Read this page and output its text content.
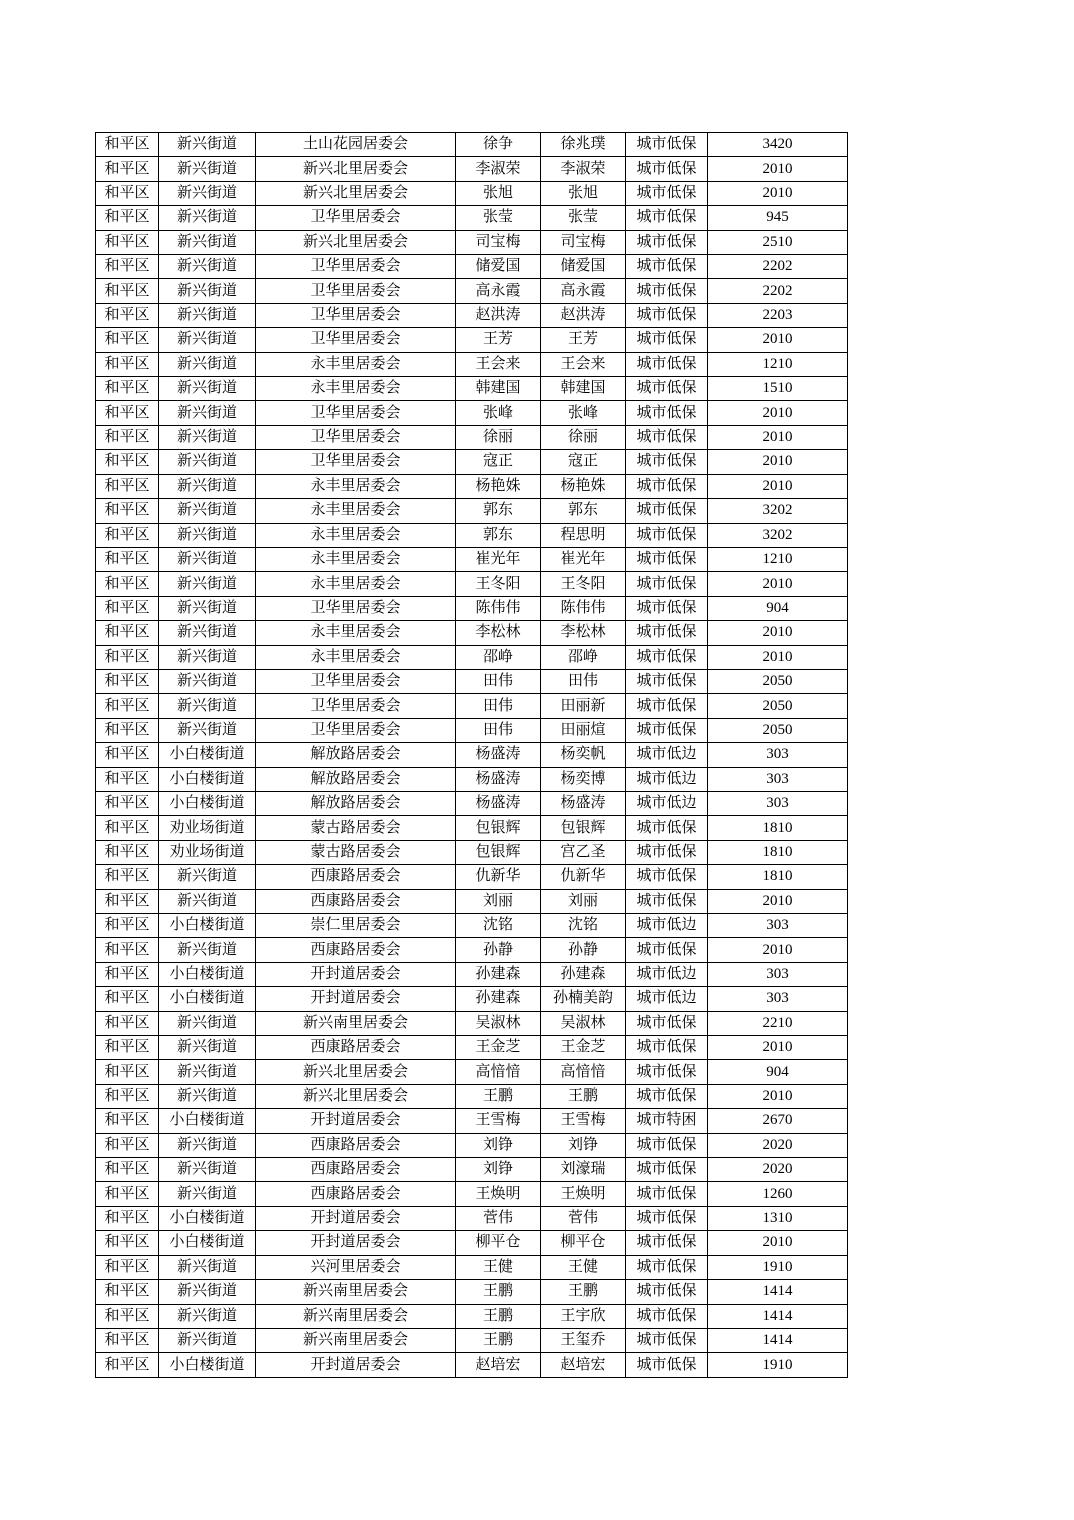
和平区	新兴街道	土山花园居委会	徐争	徐兆璞	城市低保	3420
和平区	新兴街道	新兴北里居委会	李淑荣	李淑荣	城市低保	2010
和平区	新兴街道	新兴北里居委会	张旭	张旭	城市低保	2010
和平区	新兴街道	卫华里居委会	张莹	张莹	城市低保	945
和平区	新兴街道	新兴北里居委会	司宝梅	司宝梅	城市低保	2510
和平区	新兴街道	卫华里居委会	储爱国	储爱国	城市低保	2202
和平区	新兴街道	卫华里居委会	高永霞	高永霞	城市低保	2202
和平区	新兴街道	卫华里居委会	赵洪涛	赵洪涛	城市低保	2203
和平区	新兴街道	卫华里居委会	王芳	王芳	城市低保	2010
和平区	新兴街道	永丰里居委会	王会来	王会来	城市低保	1210
和平区	新兴街道	永丰里居委会	韩建国	韩建国	城市低保	1510
和平区	新兴街道	卫华里居委会	张峰	张峰	城市低保	2010
和平区	新兴街道	卫华里居委会	徐丽	徐丽	城市低保	2010
和平区	新兴街道	卫华里居委会	寇正	寇正	城市低保	2010
和平区	新兴街道	永丰里居委会	杨艳姝	杨艳姝	城市低保	2010
和平区	新兴街道	永丰里居委会	郭东	郭东	城市低保	3202
和平区	新兴街道	永丰里居委会	郭东	程思明	城市低保	3202
和平区	新兴街道	永丰里居委会	崔光年	崔光年	城市低保	1210
和平区	新兴街道	永丰里居委会	王冬阳	王冬阳	城市低保	2010
和平区	新兴街道	卫华里居委会	陈伟伟	陈伟伟	城市低保	904
和平区	新兴街道	永丰里居委会	李松林	李松林	城市低保	2010
和平区	新兴街道	永丰里居委会	邵峥	邵峥	城市低保	2010
和平区	新兴街道	卫华里居委会	田伟	田伟	城市低保	2050
和平区	新兴街道	卫华里居委会	田伟	田丽新	城市低保	2050
和平区	新兴街道	卫华里居委会	田伟	田丽煊	城市低保	2050
和平区	小白楼街道	解放路居委会	杨盛涛	杨奕帆	城市低边	303
和平区	小白楼街道	解放路居委会	杨盛涛	杨奕博	城市低边	303
和平区	小白楼街道	解放路居委会	杨盛涛	杨盛涛	城市低边	303
和平区	劝业场街道	蒙古路居委会	包银辉	包银辉	城市低保	1810
和平区	劝业场街道	蒙古路居委会	包银辉	宫乙圣	城市低保	1810
和平区	新兴街道	西康路居委会	仇新华	仇新华	城市低保	1810
和平区	新兴街道	西康路居委会	刘丽	刘丽	城市低保	2010
和平区	小白楼街道	崇仁里居委会	沈铭	沈铭	城市低边	303
和平区	新兴街道	西康路居委会	孙静	孙静	城市低保	2010
和平区	小白楼街道	开封道居委会	孙建森	孙建森	城市低边	303
和平区	小白楼街道	开封道居委会	孙建森	孙楠美韵	城市低边	303
和平区	新兴街道	新兴南里居委会	吴淑林	吴淑林	城市低保	2210
和平区	新兴街道	西康路居委会	王金芝	王金芝	城市低保	2010
和平区	新兴街道	新兴北里居委会	高愔愔	高愔愔	城市低保	904
和平区	新兴街道	新兴北里居委会	王鹏	王鹏	城市低保	2010
和平区	小白楼街道	开封道居委会	王雪梅	王雪梅	城市特困	2670
和平区	新兴街道	西康路居委会	刘铮	刘铮	城市低保	2020
和平区	新兴街道	西康路居委会	刘铮	刘濠瑞	城市低保	2020
和平区	新兴街道	西康路居委会	王焕明	王焕明	城市低保	1260
和平区	小白楼街道	开封道居委会	菅伟	菅伟	城市低保	1310
和平区	小白楼街道	开封道居委会	柳平仓	柳平仓	城市低保	2010
和平区	新兴街道	兴河里居委会	王健	王健	城市低保	1910
和平区	新兴街道	新兴南里居委会	王鹏	王鹏	城市低保	1414
和平区	新兴街道	新兴南里居委会	王鹏	王宇欣	城市低保	1414
和平区	新兴街道	新兴南里居委会	王鹏	王玺乔	城市低保	1414
和平区	小白楼街道	开封道居委会	赵培宏	赵培宏	城市低保	1910
